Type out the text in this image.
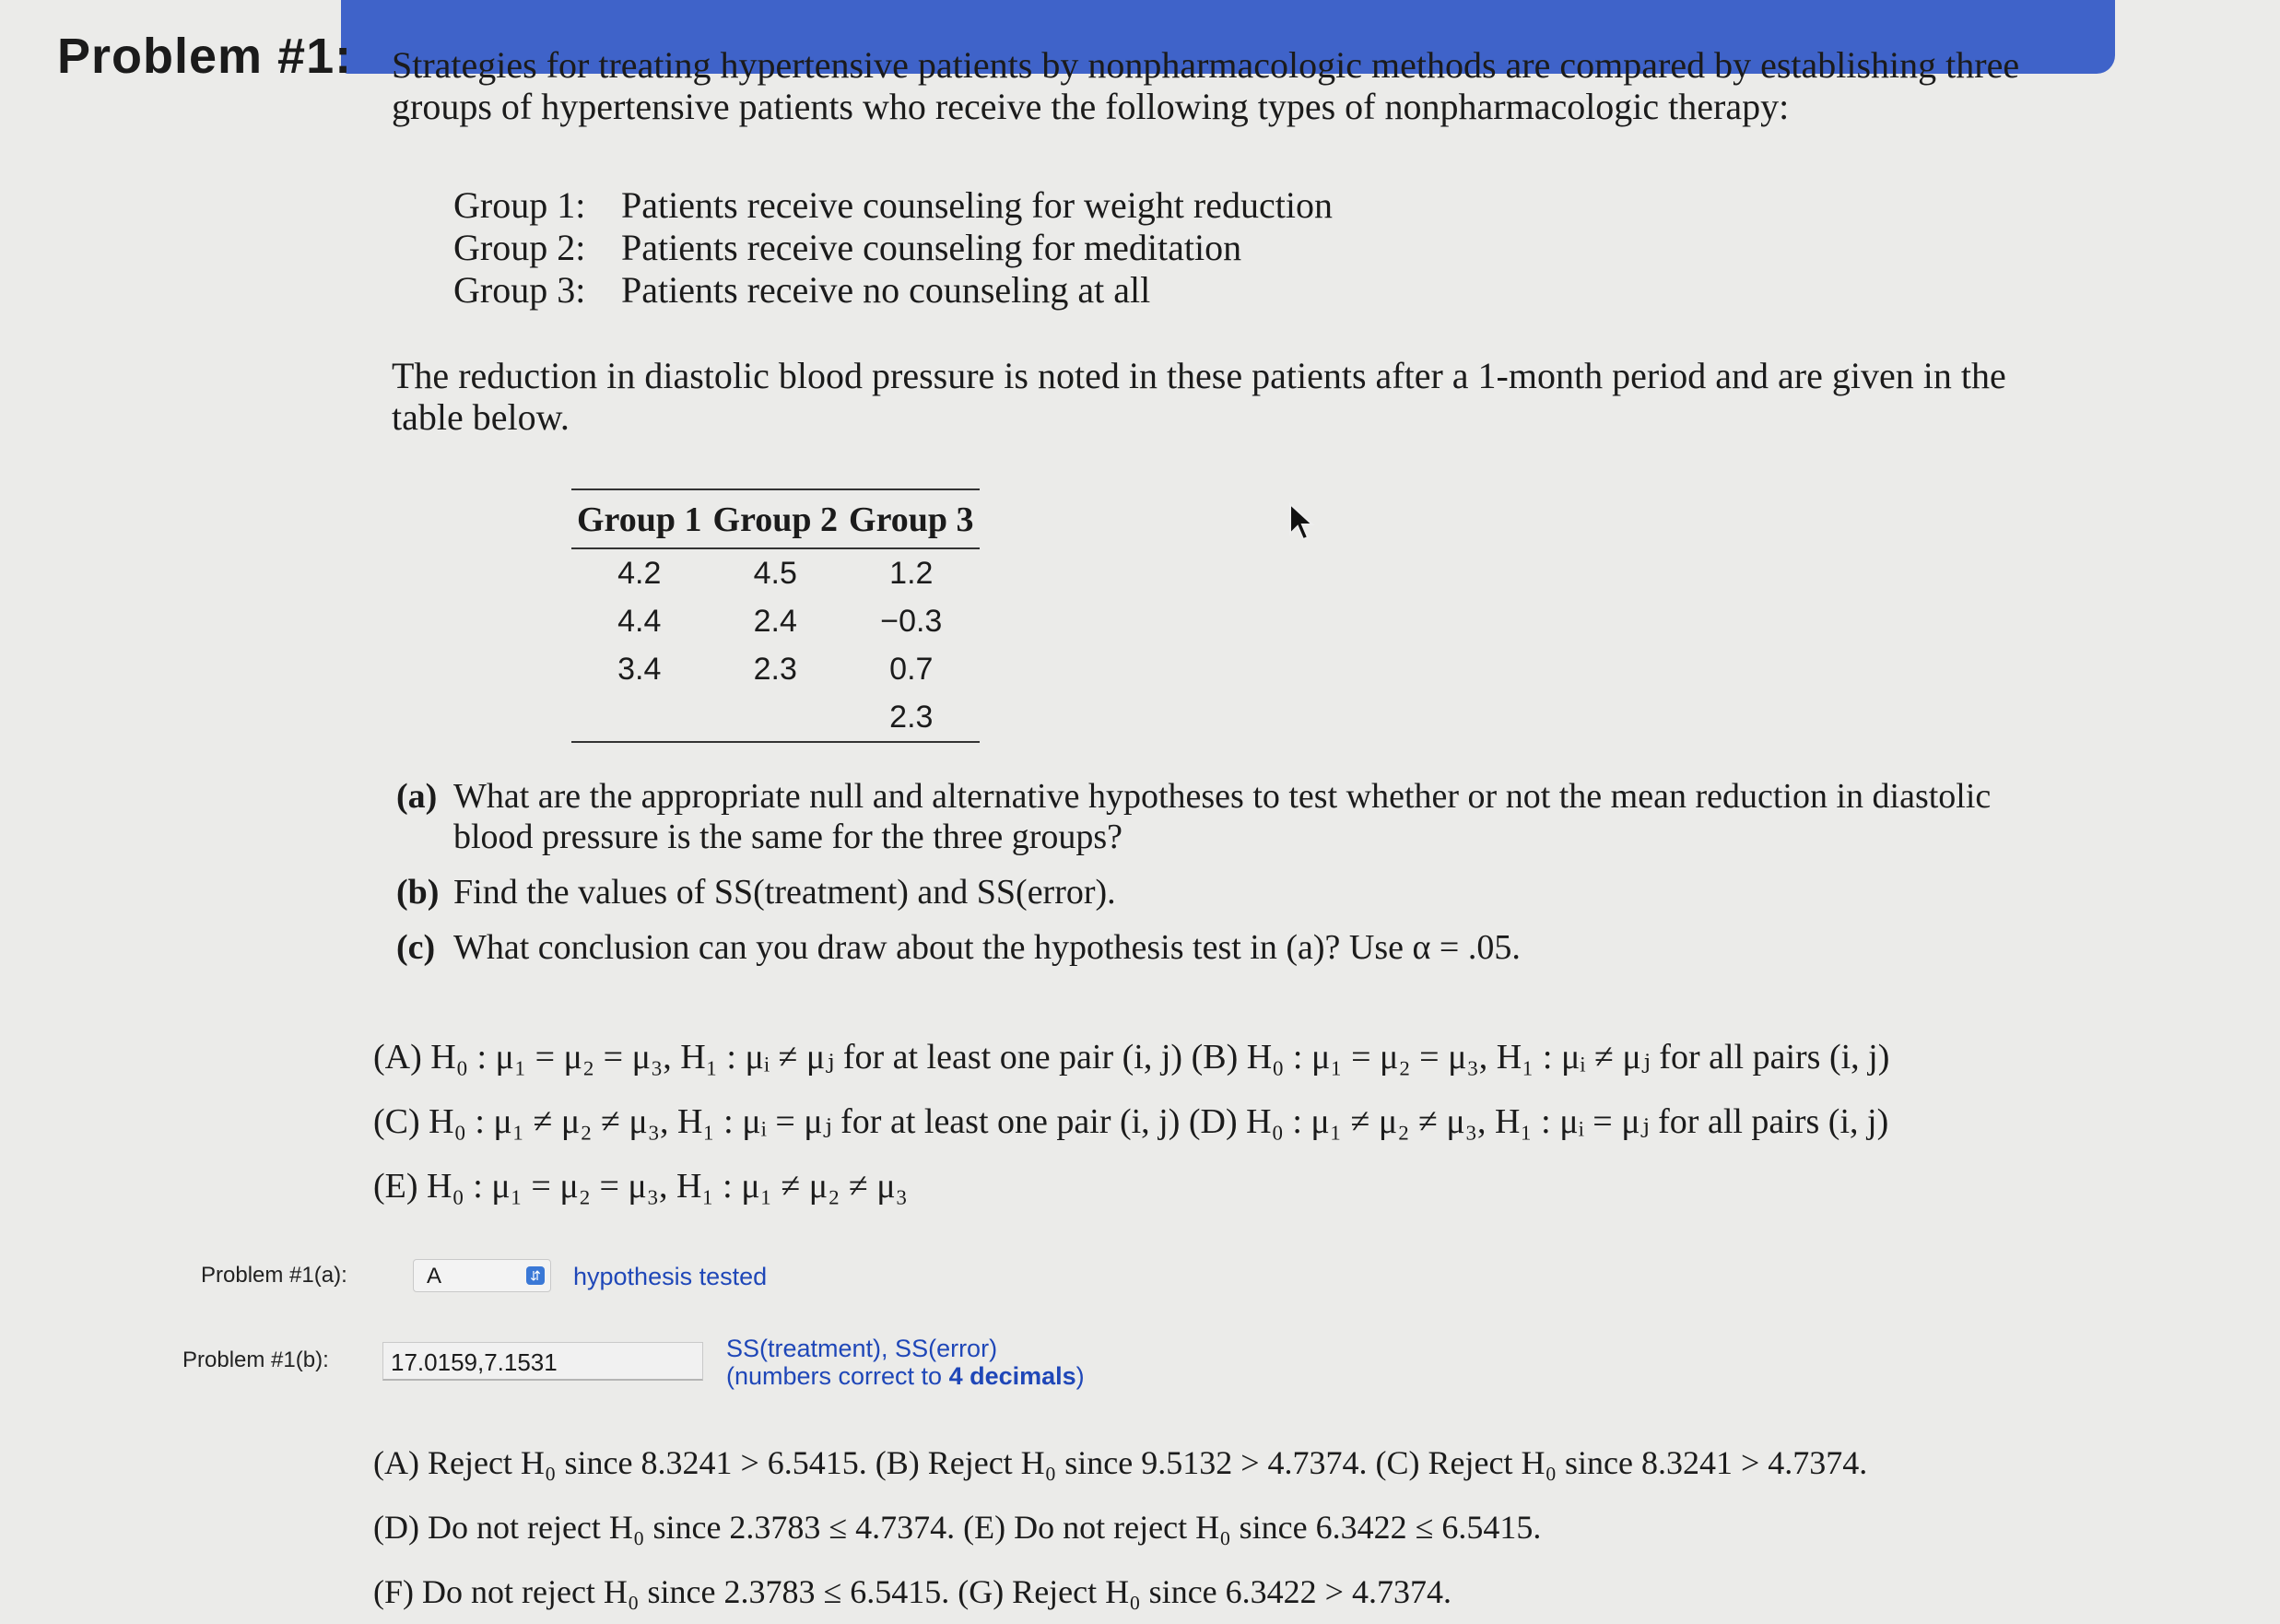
Problem #1: Strategies for treating hypertensive patients by nonpharmacologic methods are compared by establishing three groups of hypertensive patients who receive the following types of nonpharmacologic therapy:
Group 1: Patients receive counseling for weight reduction
Group 2: Patients receive counseling for meditation
Group 3: Patients receive no counseling at all
The reduction in diastolic blood pressure is noted in these patients after a 1-month period and are given in the table below.
Group 1	Group 2	Group 3
4.2	4.5	1.2
4.4	2.4	−0.3
3.4	2.3	0.7
		2.3
(a) What are the appropriate null and alternative hypotheses to test whether or not the mean reduction in diastolic blood pressure is the same for the three groups?
(b) Find the values of SS(treatment) and SS(error).
(c) What conclusion can you draw about the hypothesis test in (a)? Use α = .05.
(A) H₀ : μ₁ = μ₂ = μ₃, H₁ : μᵢ ≠ μⱼ for at least one pair (i, j) (B) H₀ : μ₁ = μ₂ = μ₃, H₁ : μᵢ ≠ μⱼ for all pairs (i, j)
(C) H₀ : μ₁ ≠ μ₂ ≠ μ₃, H₁ : μᵢ = μⱼ for at least one pair (i, j) (D) H₀ : μ₁ ≠ μ₂ ≠ μ₃, H₁ : μᵢ = μⱼ for all pairs (i, j)
(E) H₀ : μ₁ = μ₂ = μ₃, H₁ : μ₁ ≠ μ₂ ≠ μ₃
Problem #1(a):	A	⇵ hypothesis tested
Problem #1(b):	17.0159,7.1531	SS(treatment), SS(error)
(numbers correct to 4 decimals)
(A) Reject H₀ since 8.3241 > 6.5415. (B) Reject H₀ since 9.5132 > 4.7374. (C) Reject H₀ since 8.3241 > 4.7374.
(D) Do not reject H₀ since 2.3783 ≤ 4.7374. (E) Do not reject H₀ since 6.3422 ≤ 6.5415.
(F) Do not reject H₀ since 2.3783 ≤ 6.5415. (G) Reject H₀ since 6.3422 > 4.7374.
